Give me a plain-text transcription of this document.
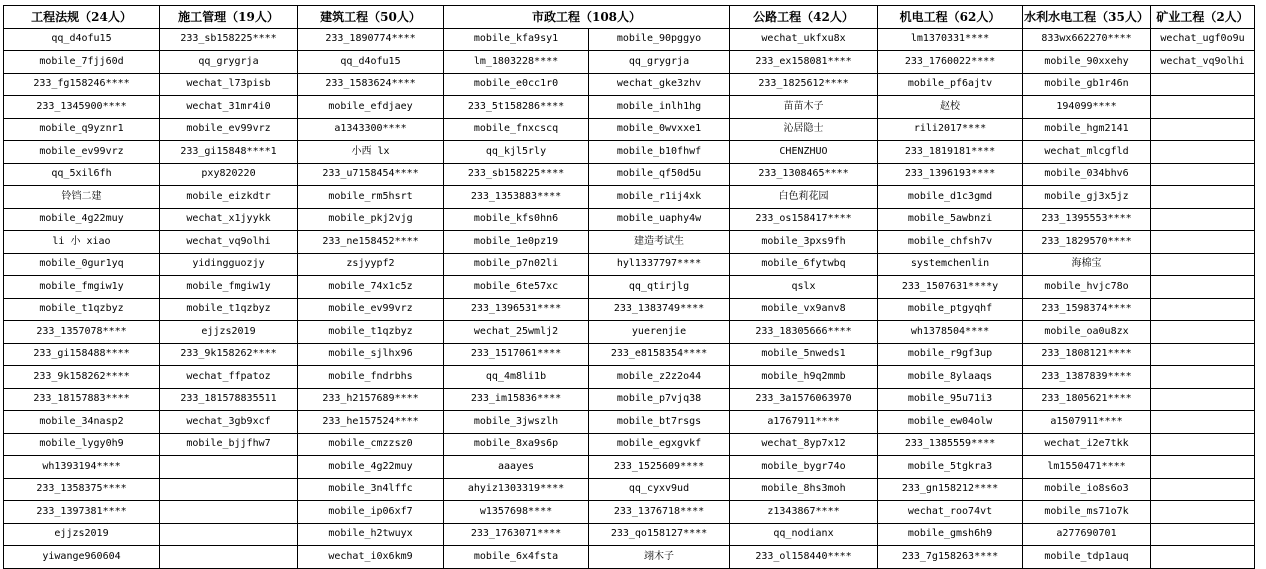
工程法规（24人）	施工管理（19人）	建筑工程（50人）	市政工程（108人）		公路工程（42人）	机电工程（62人）	水利水电工程（35人）	矿业工程（2人）
qq_d4ofu15	233_sb158225****	233_1890774****	mobile_kfa9sy1	mobile_90pggyo	wechat_ukfxu8x	lm1370331****	833wx662270****	wechat_ugf0o9u
mobile_7fjj60d	qq_grygrja	qq_d4ofu15	lm_1803228****	qq_grygrja	233_ex158081****	233_1760022****	mobile_90xxehy	wechat_vq9olhi
233_fg158246****	wechat_l73pisb	233_1583624****	mobile_e0cc1r0	wechat_gke3zhv	233_1825612****	mobile_pf6ajtv	mobile_gb1r46n	
233_1345900****	wechat_31mr4i0	mobile_efdjaey	233_5t158286****	mobile_inlh1hg	苗苗木子	赵校	194099****	
mobile_q9yznr1	mobile_ev99vrz	a1343300****	mobile_fnxcscq	mobile_0wvxxe1	沁居隐士	rili2017****	mobile_hgm2141	
mobile_ev99vrz	233_gi15848****1	小西 lx	qq_kjl5rly	mobile_b10fhwf	CHENZHUO	233_1819181****	wechat_mlcgfld	
qq_5xil6fh	pxy820220	233_u7158454****	233_sb158225****	mobile_qf50d5u	233_1308465****	233_1396193****	mobile_034bhv6	
铃铛二建	mobile_eizkdtr	mobile_rm5hsrt	233_1353883****	mobile_r1ij4xk	白色莉花园	mobile_d1c3gmd	mobile_gj3x5jz	
mobile_4g22muy	wechat_x1jyykk	mobile_pkj2vjg	mobile_kfs0hn6	mobile_uaphy4w	233_os158417****	mobile_5awbnzi	233_1395553****	
li 小 xiao	wechat_vq9olhi	233_ne158452****	mobile_1e0pz19	建造考试生	mobile_3pxs9fh	mobile_chfsh7v	233_1829570****	
mobile_0gur1yq	yidingguozjy	zsjyypf2	mobile_p7n02li	hyl1337797****	mobile_6fytwbq	systemchenlin	海棉宝	
mobile_fmgiw1y	mobile_fmgiw1y	mobile_74x1c5z	mobile_6te57xc	qq_qtirjlg	qslx	233_1507631****y	mobile_hvjc78o	
mobile_t1qzbyz	mobile_t1qzbyz	mobile_ev99vrz	233_1396531****	233_1383749****	mobile_vx9anv8	mobile_ptgyqhf	233_1598374****	
233_1357078****	ejjzs2019	mobile_t1qzbyz	wechat_25wmlj2	yuerenjie	233_18305666****	wh1378504****	mobile_oa0u8zx	
233_gi158488****	233_9k158262****	mobile_sjlhx96	233_1517061****	233_e8158354****	mobile_5nweds1	mobile_r9gf3up	233_1808121****	
233_9k158262****	wechat_ffpatoz	mobile_fndrbhs	qq_4m8li1b	mobile_z2z2o44	mobile_h9q2mmb	mobile_8ylaaqs	233_1387839****	
233_18157883****	233_181578835511	233_h2157689****	233_im15836****	mobile_p7vjq38	233_3a1576063970	mobile_95u71i3	233_1805621****	
mobile_34nasp2	wechat_3gb9xcf	233_he157524****	mobile_3jwszlh	mobile_bt7rsgs	a1767911****	mobile_ew04olw	a1507911****	
mobile_lygy0h9	mobile_bjjfhw7	mobile_cmzzsz0	mobile_8xa9s6p	mobile_egxgvkf	wechat_8yp7x12	233_1385559****	wechat_i2e7tkk	
wh1393194****		mobile_4g22muy	aaayes	233_1525609****	mobile_bygr74o	mobile_5tgkra3	lm1550471****	
233_1358375****		mobile_3n4lffc	ahyiz1303319****	qq_cyxv9ud	mobile_8hs3moh	233_gn158212****	mobile_io8s6o3	
233_1397381****		mobile_ip06xf7	w1357698****	233_1376718****	z1343867****	wechat_roo74vt	mobile_ms71o7k	
ejjzs2019		mobile_h2twuyx	233_1763071****	233_qo158127****	qq_nodianx	mobile_gmsh6h9	a277690701	
yiwange960604		wechat_i0x6km9	mobile_6x4fsta	翊木子	233_ol158440****	233_7g158263****	mobile_tdp1auq	
